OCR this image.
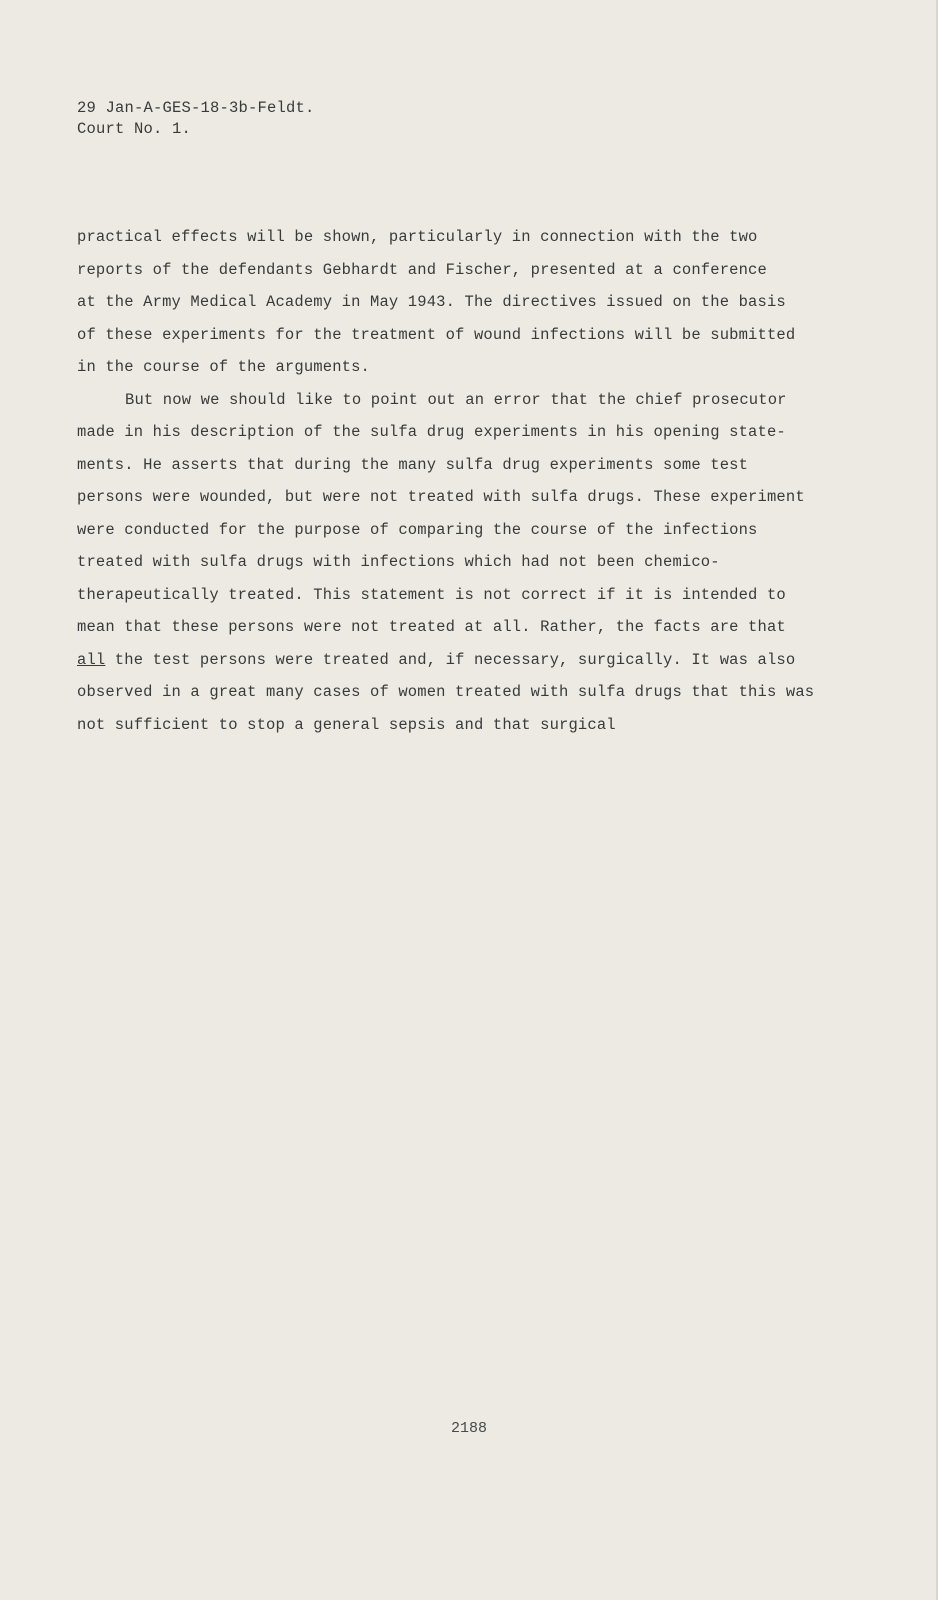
29 Jan-A-GES-18-3b-Feldt.
Court No. 1.
practical effects will be shown, particularly in connection with the two
reports of the defendants Gebhardt and Fischer, presented at a conference
at the Army Medical Academy in May 1943. The directives issued on the basis
of these experiments for the treatment of wound infections will be submitted
in the course of the arguments.
But now we should like to point out an error that the chief prosecutor
made in his description of the sulfa drug experiments in his opening state-
ments. He asserts that during the many sulfa drug experiments some test
persons were wounded, but were not treated with sulfa drugs. These experiment
were conducted for the purpose of comparing the course of the infections
treated with sulfa drugs with infections which had not been chemico-
therapeutically treated. This statement is not correct if it is intended to
mean that these persons were not treated at all. Rather, the facts are that
all the test persons were treated and, if necessary, surgically. It was also
observed in a great many cases of women treated with sulfa drugs that this was
not sufficient to stop a general sepsis and that surgical
2188
